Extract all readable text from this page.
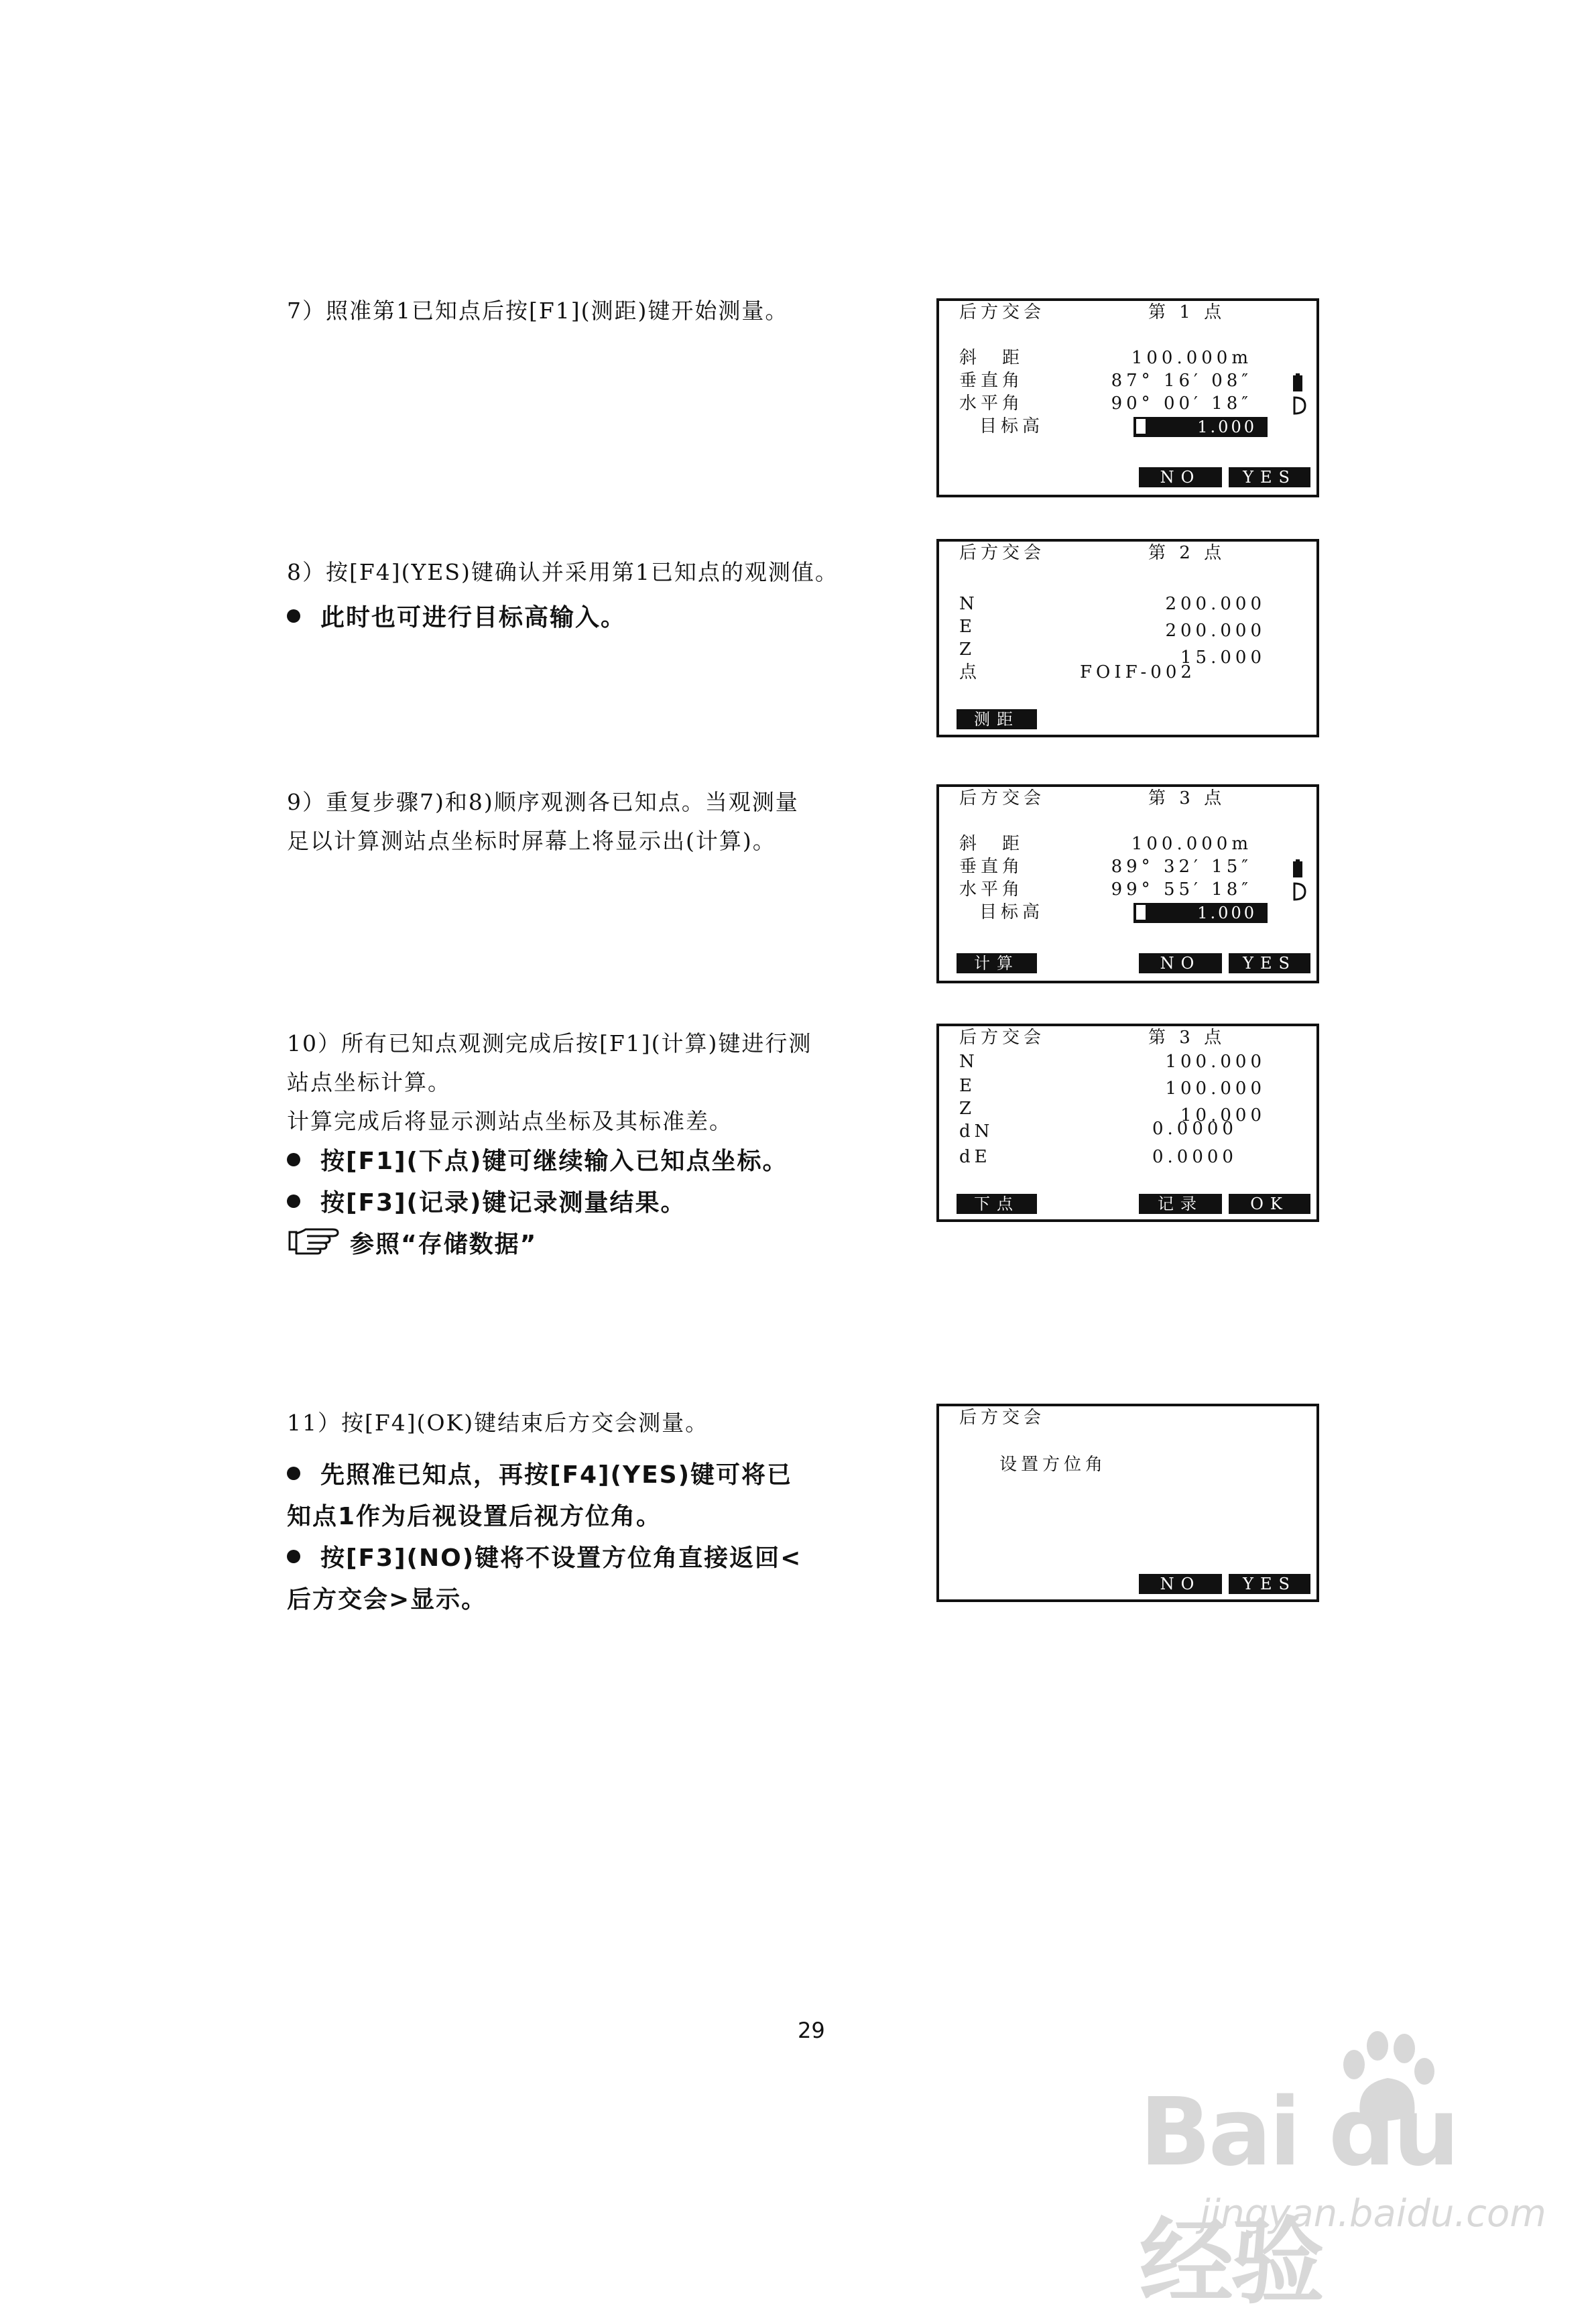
7）照准第1已知点后按[F1](测距)键开始测量。

8）按[F4](YES)键确认并采用第1已知点的观测值。

此时也可进行目标高输入。

9）重复步骤7)和8)顺序观测各已知点。当观测量

足以计算测站点坐标时屏幕上将显示出(计算)。

10）所有已知点观测完成后按[F1](计算)键进行测

站点坐标计算。

计算完成后将显示测站点坐标及其标准差。

按[F1](下点)键可继续输入已知点坐标。

按[F3](记录)键记录测量结果。

参照“存储数据”

11）按[F4](OK)键结束后方交会测量。

先照准已知点，再按[F4](YES)键可将已

知点1作为后视设置后视方位角。

按[F3](NO)键将不设置方位角直接返回<

后方交会>显示。

后方交会	第 1 点
斜　距	100.000m
垂直角	87° 16′ 08″
水平角	90° 00′ 18″
目标高	1.000
NO	YES
后方交会	第 2 点
N	200.000
E	200.000
Z	15.000
点	FOIF-002
测距
后方交会	第 3 点
斜　距	100.000m
垂直角	89° 32′ 15″
水平角	99° 55′ 18″
目标高	1.000
计算	NO	YES
后方交会	第 3 点
N	100.000
E	100.000
Z	10.000
dN	0.0000
dE	0.0000
下点	记录	OK
后方交会
设置方位角
NO	YES
29
Bai du 经验
jingyan.baidu.com
